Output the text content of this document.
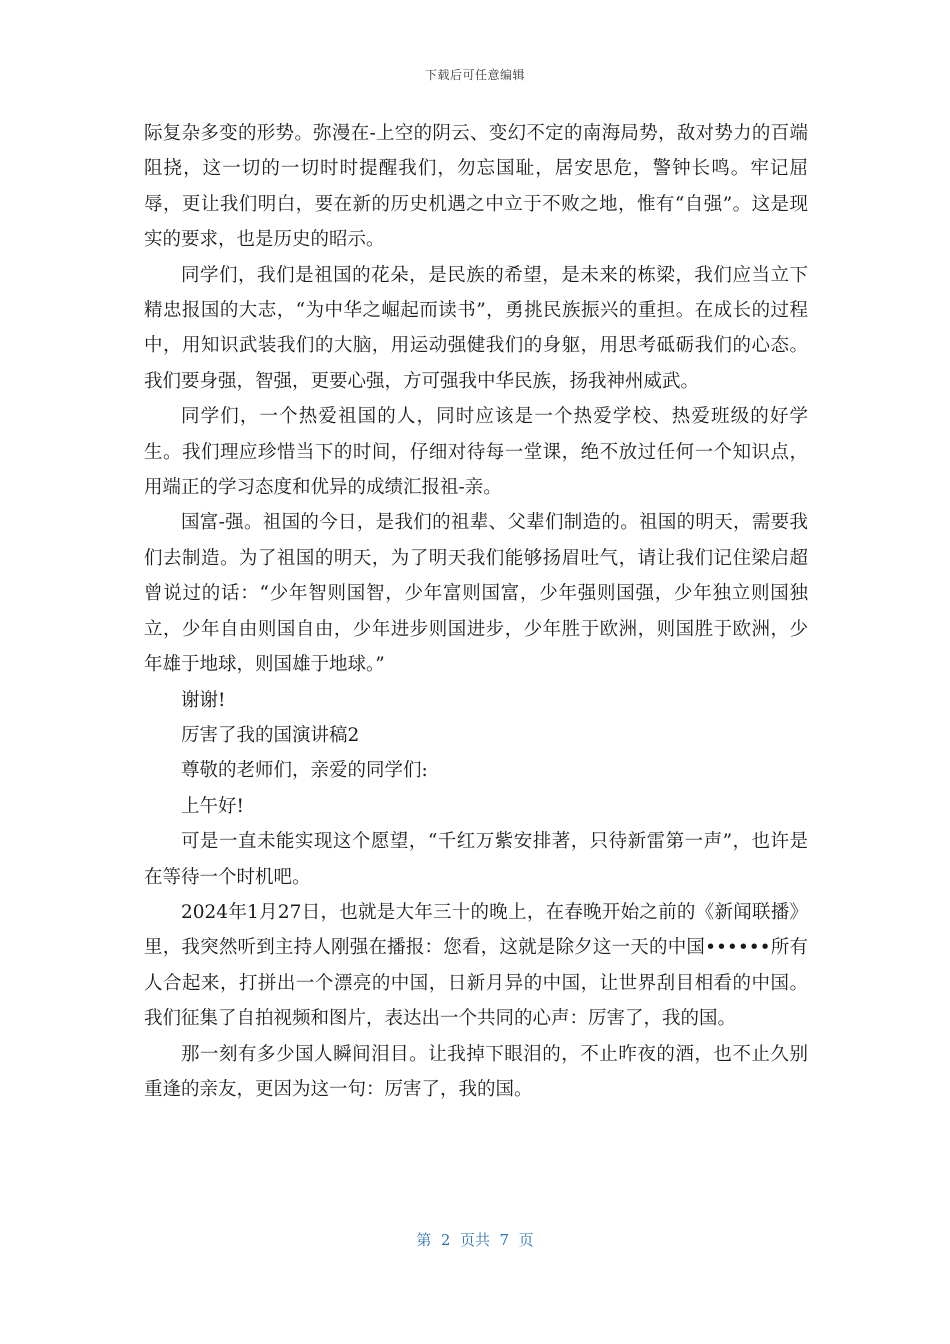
下载后可任意编辑

际复杂多变的形势。弥漫在-上空的阴云、变幻不定的南海局势，敌对势力的百端阻挠，这一切的一切时时提醒我们，勿忘国耻，居安思危，警钟长鸣。牢记屈辱，更让我们明白，要在新的历史机遇之中立于不败之地，惟有“自强”。这是现实的要求，也是历史的昭示。

同学们，我们是祖国的花朵，是民族的希望，是未来的栋梁，我们应当立下精忠报国的大志，“为中华之崛起而读书”，勇挑民族振兴的重担。在成长的过程中，用知识武装我们的大脑，用运动强健我们的身躯，用思考砥砺我们的心态。我们要身强，智强，更要心强，方可强我中华民族，扬我神州威武。

同学们，一个热爱祖国的人，同时应该是一个热爱学校、热爱班级的好学生。我们理应珍惜当下的时间，仔细对待每一堂课，绝不放过任何一个知识点，用端正的学习态度和优异的成绩汇报祖-亲。

国富-强。祖国的今日，是我们的祖辈、父辈们制造的。祖国的明天，需要我们去制造。为了祖国的明天，为了明天我们能够扬眉吐气，请让我们记住梁启超曾说过的话：“少年智则国智，少年富则国富，少年强则国强，少年独立则国独立，少年自由则国自由，少年进步则国进步，少年胜于欧洲，则国胜于欧洲，少年雄于地球，则国雄于地球。”

谢谢!

厉害了我的国演讲稿2

尊敬的老师们，亲爱的同学们:

上午好!

可是一直未能实现这个愿望，“千红万紫安排著，只待新雷第一声”，也许是在等待一个时机吧。

2024年1月27日，也就是大年三十的晚上，在春晚开始之前的《新闻联播》里，我突然听到主持人刚强在播报：您看，这就是除夕这一天的中国••••••所有人合起来，打拼出一个漂亮的中国，日新月异的中国，让世界刮目相看的中国。我们征集了自拍视频和图片，表达出一个共同的心声：厉害了，我的国。

那一刻有多少国人瞬间泪目。让我掉下眼泪的，不止昨夜的酒，也不止久别重逢的亲友，更因为这一句：厉害了，我的国。

第  2  页共  7  页
